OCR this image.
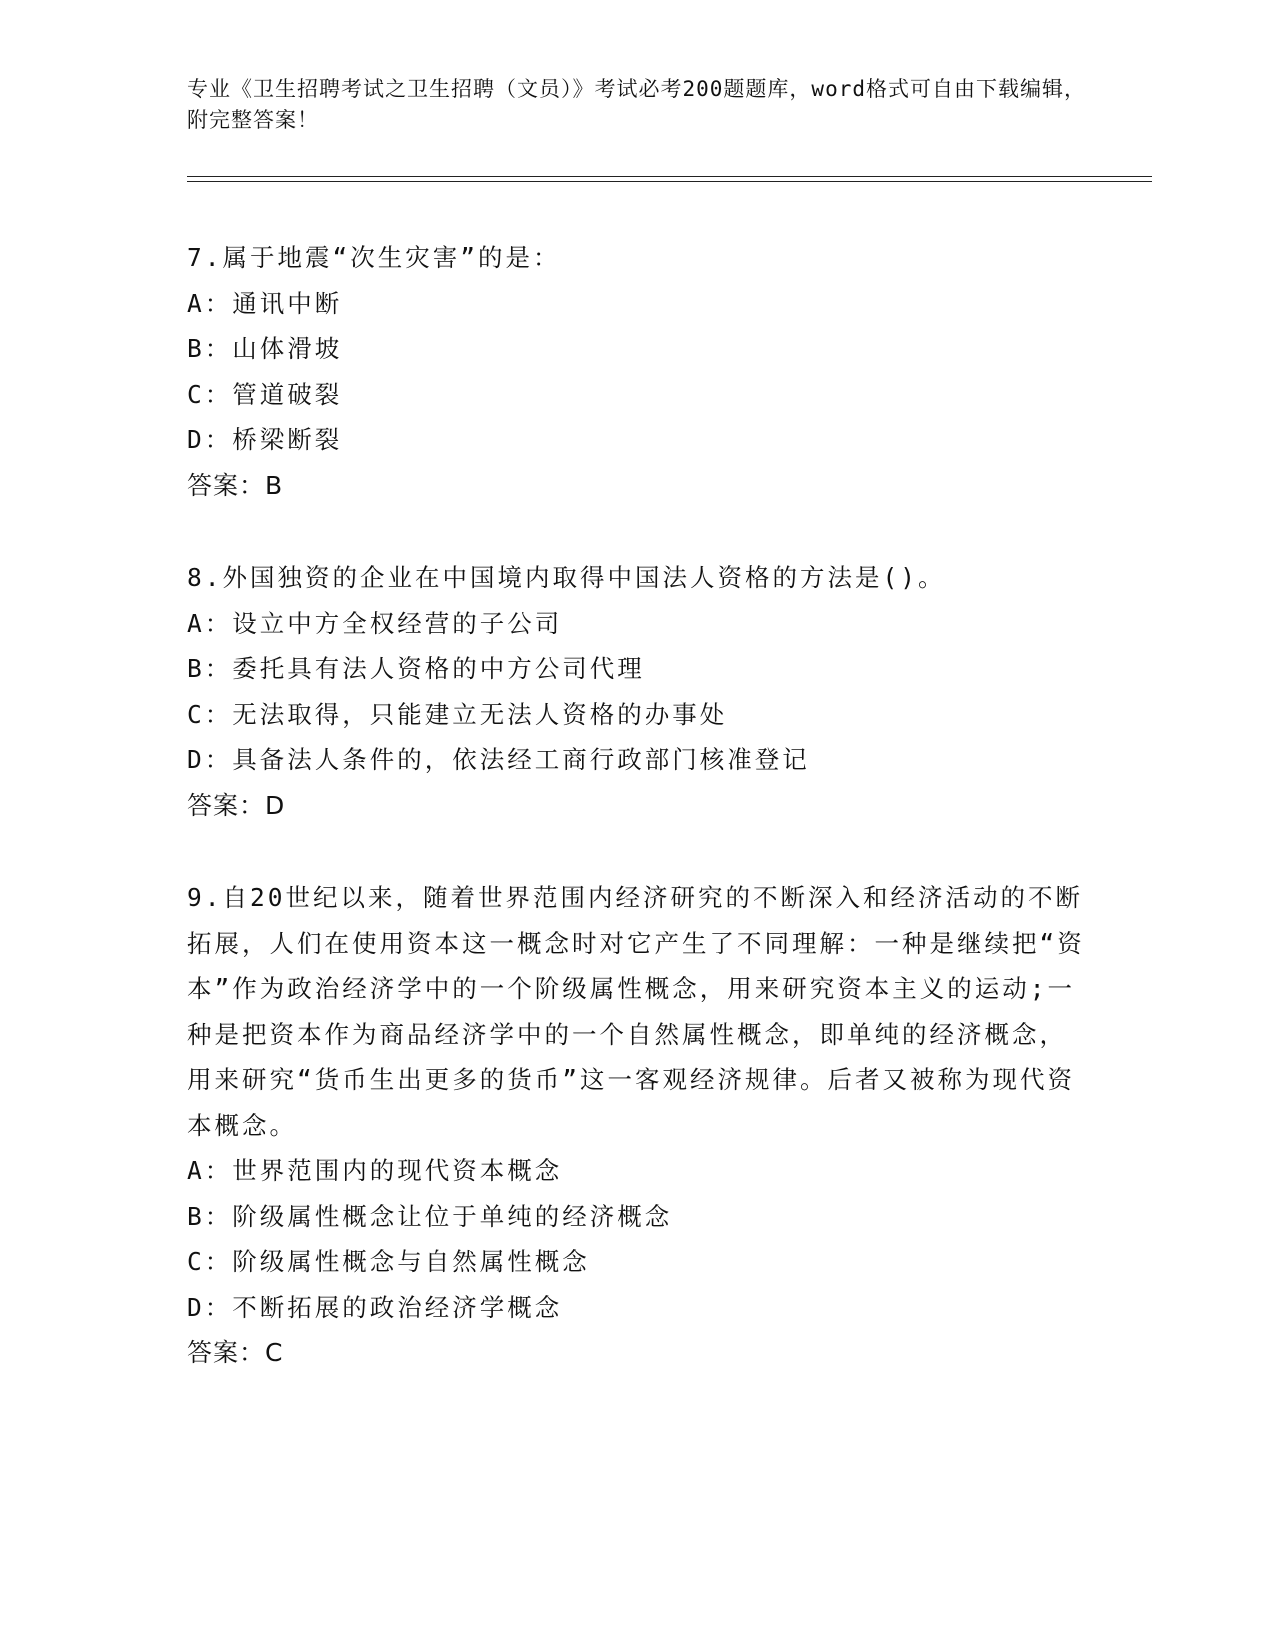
专业《卫生招聘考试之卫生招聘（文员）》考试必考200题题库，word格式可自由下载编辑，附完整答案！

7.属于地震“次生灾害”的是：

A：通讯中断

B：山体滑坡

C：管道破裂

D：桥梁断裂

答案：B

8.外国独资的企业在中国境内取得中国法人资格的方法是()。

A：设立中方全权经营的子公司

B：委托具有法人资格的中方公司代理

C：无法取得，只能建立无法人资格的办事处

D：具备法人条件的，依法经工商行政部门核准登记

答案：D

9.自20世纪以来，随着世界范围内经济研究的不断深入和经济活动的不断拓展，人们在使用资本这一概念时对它产生了不同理解：一种是继续把“资本”作为政治经济学中的一个阶级属性概念，用来研究资本主义的运动;一种是把资本作为商品经济学中的一个自然属性概念，即单纯的经济概念，用来研究“货币生出更多的货币”这一客观经济规律。后者又被称为现代资本概念。

A：世界范围内的现代资本概念

B：阶级属性概念让位于单纯的经济概念

C：阶级属性概念与自然属性概念

D：不断拓展的政治经济学概念

答案：C
